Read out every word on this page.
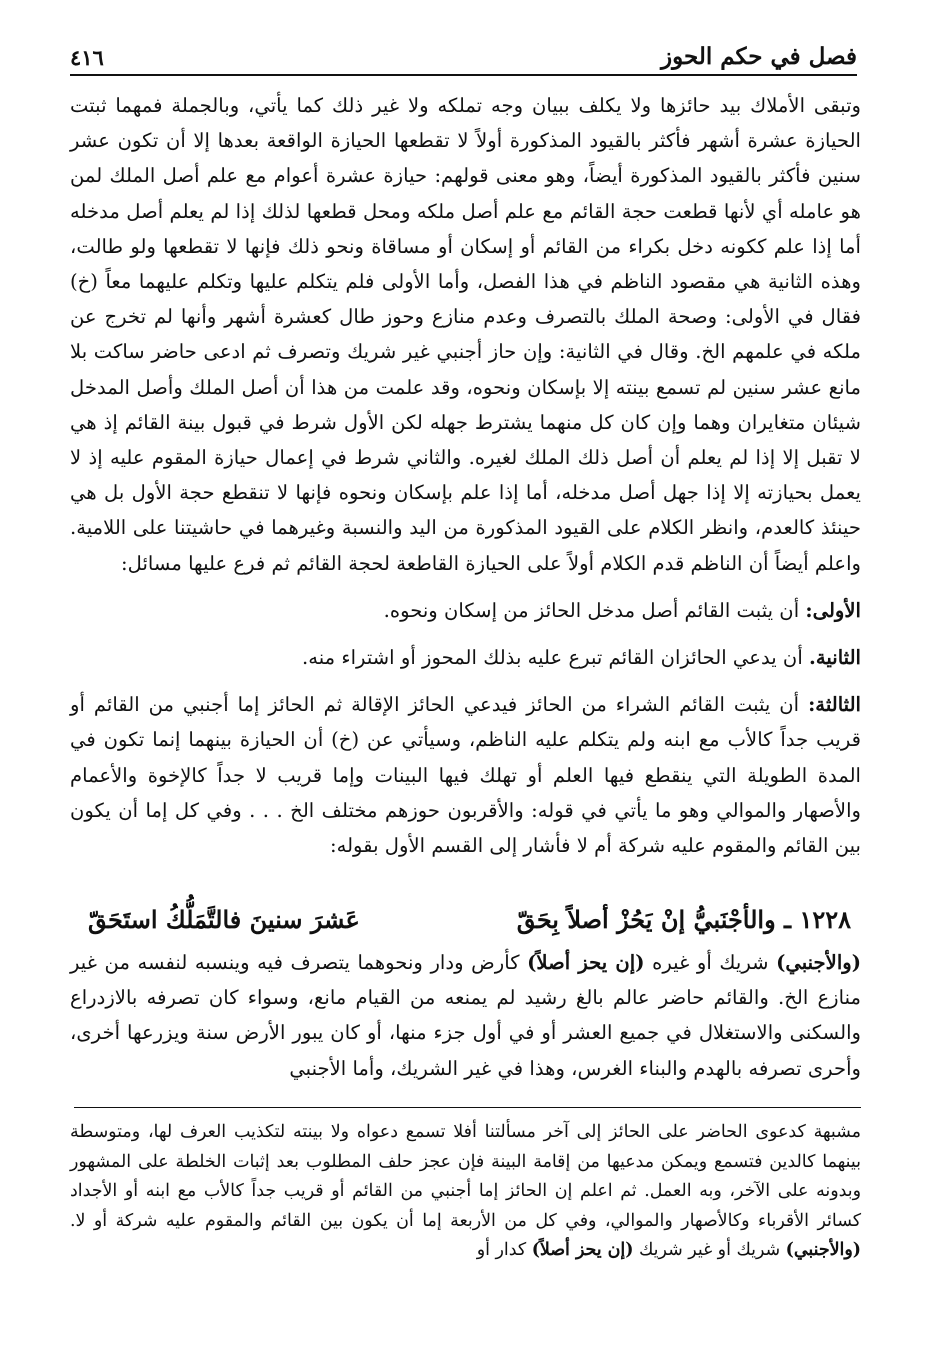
فصل في حكم الحوز
٤١٦

وتبقى الأملاك بيد حائزها ولا يكلف ببيان وجه تملكه ولا غير ذلك كما يأتي، وبالجملة فمهما ثبتت الحيازة عشرة أشهر فأكثر بالقيود المذكورة أولاً لا تقطعها الحيازة الواقعة بعدها إلا أن تكون عشر سنين فأكثر بالقيود المذكورة أيضاً، وهو معنى قولهم: حيازة عشرة أعوام مع علم أصل الملك لمن هو عامله أي لأنها قطعت حجة القائم مع علم أصل ملكه ومحل قطعها لذلك إذا لم يعلم أصل مدخله أما إذا علم ككونه دخل بكراء من القائم أو إسكان أو مساقاة ونحو ذلك فإنها لا تقطعها ولو طالت، وهذه الثانية هي مقصود الناظم في هذا الفصل، وأما الأولى فلم يتكلم عليها وتكلم عليهما معاً (خ) فقال في الأولى: وصحة الملك بالتصرف وعدم منازع وحوز طال كعشرة أشهر وأنها لم تخرج عن ملكه في علمهم الخ. وقال في الثانية: وإن حاز أجنبي غير شريك وتصرف ثم ادعى حاضر ساكت بلا مانع عشر سنين لم تسمع بينته إلا بإسكان ونحوه، وقد علمت من هذا أن أصل الملك وأصل المدخل شيئان متغايران وهما وإن كان كل منهما يشترط جهله لكن الأول شرط في قبول بينة القائم إذ هي لا تقبل إلا إذا لم يعلم أن أصل ذلك الملك لغيره. والثاني شرط في إعمال حيازة المقوم عليه إذ لا يعمل بحيازته إلا إذا جهل أصل مدخله، أما إذا علم بإسكان ونحوه فإنها لا تنقطع حجة الأول بل هي حينئذ كالعدم، وانظر الكلام على القيود المذكورة من اليد والنسبة وغيرهما في حاشيتنا على اللامية. واعلم أيضاً أن الناظم قدم الكلام أولاً على الحيازة القاطعة لحجة القائم ثم فرع عليها مسائل:

الأولى: أن يثبت القائم أصل مدخل الحائز من إسكان ونحوه.

الثانية. أن يدعي الحائزان القائم تبرع عليه بذلك المحوز أو اشتراء منه.

الثالثة: أن يثبت القائم الشراء من الحائز فيدعي الحائز الإقالة ثم الحائز إما أجنبي من القائم أو قريب جداً كالأب مع ابنه ولم يتكلم عليه الناظم، وسيأتي عن (خ) أن الحيازة بينهما إنما تكون في المدة الطويلة التي ينقطع فيها العلم أو تهلك فيها البينات وإما قريب لا جداً كالإخوة والأعمام والأصهار والموالي وهو ما يأتي في قوله: والأقربون حوزهم مختلف الخ . . . وفي كل إما أن يكون بين القائم والمقوم عليه شركة أم لا فأشار إلى القسم الأول بقوله:

١٢٢٨ ـ والأجْنَبيُّ إنْ يَحُزْ أصلاً بِحَقّ
عَشرَ سنينَ فالتَّمَلُّكُ استَحَقّ

(والأجنبي) شريك أو غيره (إن يحز أصلاً) كأرض ودار ونحوهما يتصرف فيه وينسبه لنفسه من غير منازع الخ. والقائم حاضر عالم بالغ رشيد لم يمنعه من القيام مانع، وسواء كان تصرفه بالازدراع والسكنى والاستغلال في جميع العشر أو في أول جزء منها، أو كان يبور الأرض سنة ويزرعها أخرى، وأحرى تصرفه بالهدم والبناء الغرس، وهذا في غير الشريك، وأما الأجنبي

مشبهة كدعوى الحاضر على الحائز إلى آخر مسألتنا أفلا تسمع دعواه ولا بينته لتكذيب العرف لها، ومتوسطة بينهما كالدين فتسمع ويمكن مدعيها من إقامة البينة فإن عجز حلف المطلوب بعد إثبات الخلطة على المشهور وبدونه على الآخر، وبه العمل. ثم اعلم إن الحائز إما أجنبي من القائم أو قريب جداً كالأب مع ابنه أو الأجداد كسائر الأقرباء وكالأصهار والموالي، وفي كل من الأربعة إما أن يكون بين القائم والمقوم عليه شركة أو لا. (والأجنبي) شريك أو غير شريك (إن يحز أصلاً) كدار أو
